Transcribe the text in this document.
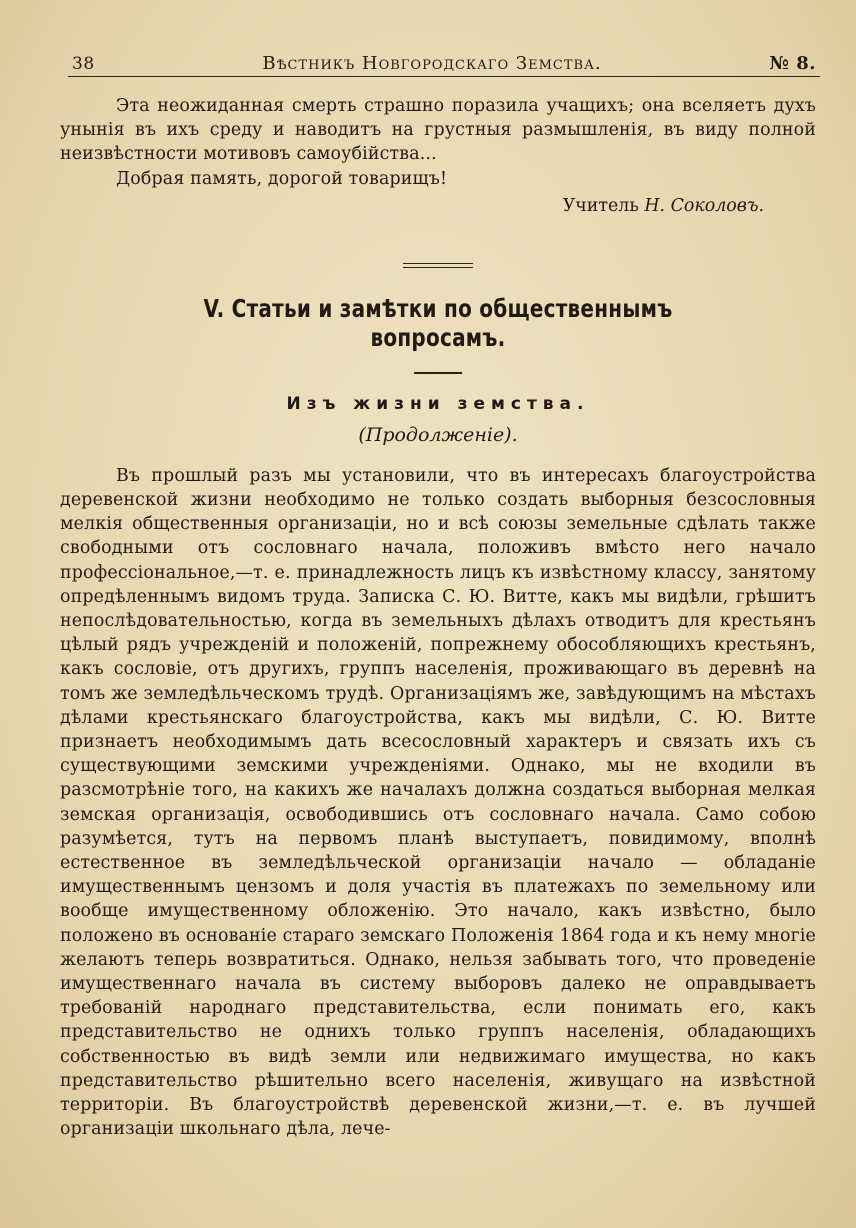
38	Вѣстникъ Новгородскаго Земства.	№ 8.

Эта неожиданная смерть страшно поразила учащихъ; она вселяетъ духъ унынія въ ихъ среду и наводитъ на грустныя размышленія, въ виду полной неизвѣстности мотивовъ самоубійства...

Добрая память, дорогой товарищъ!

Учитель Н. Соколовъ.
V. Статьи и замѣтки по общественнымъ вопросамъ.
Изъ жизни земства.
(Продолженіе).

Въ прошлый разъ мы установили, что въ интересахъ благоустройства деревенской жизни необходимо не только создать выборныя безсословныя мелкія общественныя организаціи, но и всѣ союзы земельные сдѣлать также свободными отъ сословнаго начала, положивъ вмѣсто него начало профессіональное,—т. е. принадлежность лицъ къ извѣстному классу, занятому опредѣленнымъ видомъ труда. Записка С. Ю. Витте, какъ мы видѣли, грѣшитъ непослѣдовательностью, когда въ земельныхъ дѣлахъ отводитъ для крестьянъ цѣлый рядъ учрежденій и положеній, попрежнему обособляющихъ крестьянъ, какъ сословіе, отъ другихъ, группъ населенія, проживающаго въ деревнѣ на томъ же земледѣльческомъ трудѣ. Организаціямъ же, завѣдующимъ на мѣстахъ дѣлами крестьянскаго благоустройства, какъ мы видѣли, С. Ю. Витте признаетъ необходимымъ дать всесословный характеръ и связать ихъ съ существующими земскими учрежденіями. Однако, мы не входили въ разсмотрѣніе того, на какихъ же началахъ должна создаться выборная мелкая земская организація, освободившись отъ сословнаго начала. Само собою разумѣется, тутъ на первомъ планѣ выступаетъ, повидимому, вполнѣ естественное въ земледѣльческой организаціи начало — обладаніе имущественнымъ цензомъ и доля участія въ платежахъ по земельному или вообще имущественному обложенію. Это начало, какъ извѣстно, было положено въ основаніе стараго земскаго Положенія 1864 года и къ нему многіе желаютъ теперь возвратиться. Однако, нельзя забывать того, что проведеніе имущественнаго начала въ систему выборовъ далеко не оправдываетъ требованій народнаго представительства, если понимать его, какъ представительство не однихъ только группъ населенія, обладающихъ собственностью въ видѣ земли или недвижимаго имущества, но какъ представительство рѣшительно всего населенія, живущаго на извѣстной территоріи. Въ благоустройствѣ деревенской жизни,—т. е. въ лучшей организаціи школьнаго дѣла, лече-
